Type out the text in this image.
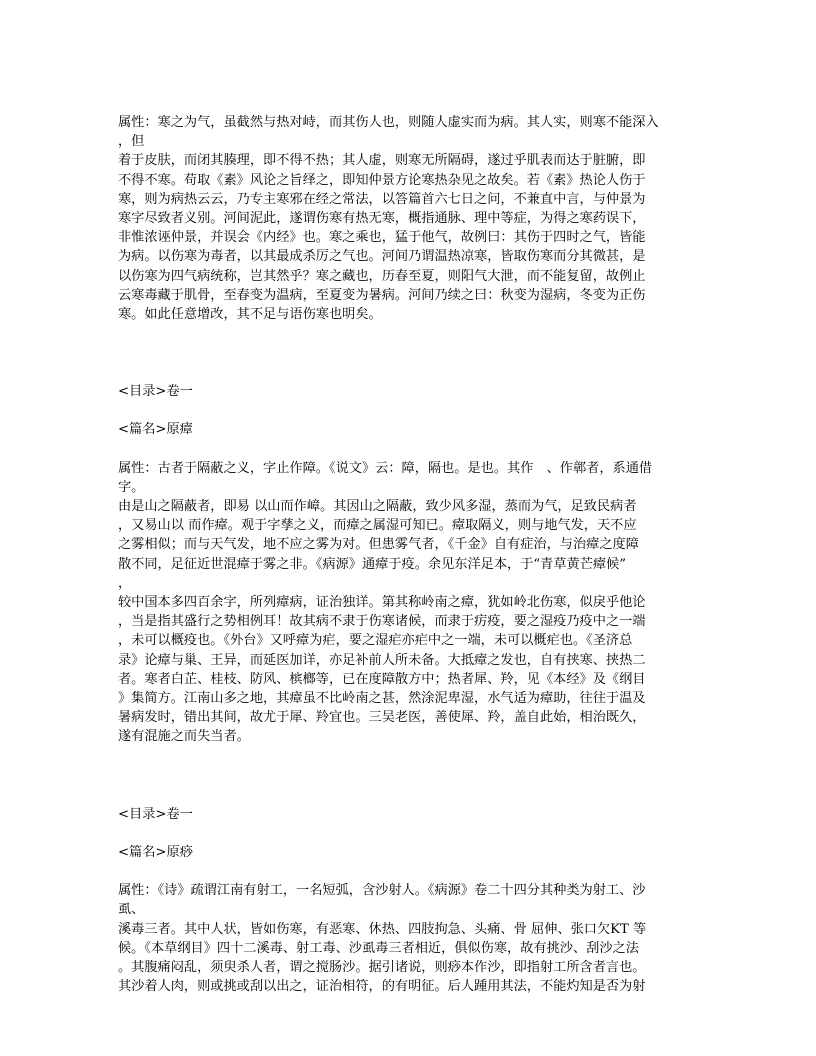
属性：寒之为气，虽截然与热对峙，而其伤人也，则随人虚实而为病。其人实，则寒不能深入
，但
着于皮肤，而闭其腠理，即不得不热；其人虚，则寒无所隔碍，遂过乎肌表而达于脏腑，即
不得不寒。苟取《素》风论之旨绎之，即知仲景方论寒热杂见之故矣。若《素》热论人伤于
寒，则为病热云云，乃专主寒邪在经之常法，以答篇首六七日之问，不兼直中言，与仲景为
寒字尽致者义别。河间泥此，遂谓伤寒有热无寒，概指通脉、理中等症，为得之寒药误下，
非惟浓诬仲景，并误会《内经》也。寒之乘也，猛于他气，故例曰：其伤于四时之气，皆能
为病。以伤寒为毒者，以其最成杀厉之气也。河间乃谓温热凉寒，皆取伤寒而分其微甚，是
以伤寒为四气病统称，岂其然乎？寒之藏也，历春至夏，则阳气大泄，而不能复留，故例止
云寒毒藏于肌骨，至春变为温病，至夏变为暑病。河间乃续之曰：秋变为湿病，冬变为正伤
寒。如此任意增改，其不足与语伤寒也明矣。
<目录>卷一
<篇名>原瘴
属性：古者于隔蔽之义，字止作障。《说文》云：障，隔也。是也。其作　、作鄣者，系通借
字。
由是山之隔蔽者，即易 以山而作嶂。其因山之隔蔽，致少风多湿，蒸而为气，足致民病者
，又易山以 而作瘴。观于字孳之义，而瘴之属湿可知已。瘴取隔义，则与地气发，天不应
之雾相似；而与天气发，地不应之雾为对。但患雾气者，《千金》自有症治，与治瘴之度障
散不同，足征近世混瘴于雾之非。《病源》通瘴于疫。余见东洋足本，于“青草黄芒瘴候”
，
较中国本多四百余字，所列瘴病，证治独详。第其称岭南之瘴，犹如岭北伤寒，似戾乎他论
，当是指其盛行之势相例耳！故其病不隶于伤寒诸候，而隶于疠疫，要之湿疫乃疫中之一端
，未可以概疫也。《外台》又呼瘴为疟，要之湿疟亦疟中之一端，未可以概疟也。《圣济总
录》论瘴与巢、王异，而延医加详，亦足补前人所未备。大抵瘴之发也，自有挟寒、挟热二
者。寒者白芷、桂枝、防风、槟榔等，已在度障散方中；热者犀、羚，见《本经》及《纲目
》集简方。江南山多之地，其瘴虽不比岭南之甚，然涂泥卑湿，水气适为瘴助，往往于温及
暑病发时，错出其间，故尤于犀、羚宜也。三吴老医，善使犀、羚，盖自此始，相治既久，
遂有混施之而失当者。
<目录>卷一
<篇名>原痧
属性：《诗》疏谓江南有射工，一名短弧，含沙射人。《病源》卷二十四分其种类为射工、沙
虱、
溪毒三者。其中人状，皆如伤寒，有恶寒、休热、四肢拘急、头痛、骨 屈伸、张口欠KT 等
候。《本草纲目》四十二溪毒、射工毒、沙虱毒三者相近，俱似伤寒，故有挑沙、刮沙之法
。其腹痛闷乱，须臾杀人者，谓之搅肠沙。据引诸说，则痧本作沙，即指射工所含者言也。
其沙着人肉，则或挑或刮以出之，证治相符，的有明征。后人踵用其法，不能灼知是否为射
